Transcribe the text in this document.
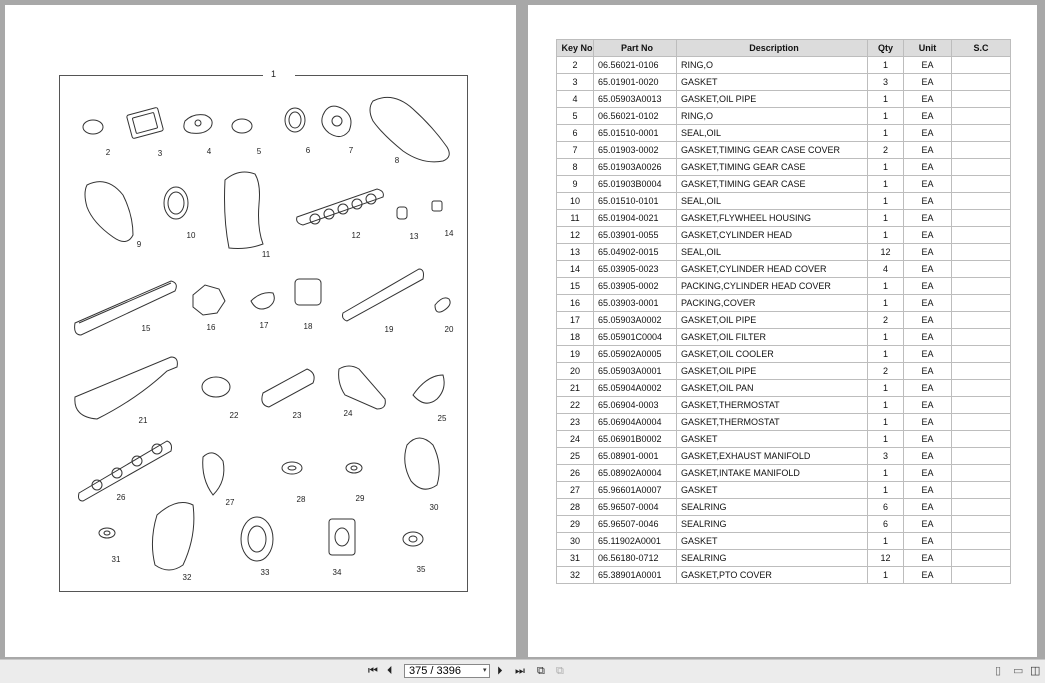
1
2	3	4	5	6	7
8
9
10
11
12	13	14
15	16	17	18	19	20
21
22	23	24
25
26
27	28	29
30
31
32
33	34	35
Key No	Part No	Description	Qty	Unit	S.C
2	06.56021-0106	RING,O	1	EA	
3	65.01901-0020	GASKET	3	EA	
4	65.05903A0013	GASKET,OIL PIPE	1	EA	
5	06.56021-0102	RING,O	1	EA	
6	65.01510-0001	SEAL,OIL	1	EA	
7	65.01903-0002	GASKET,TIMING GEAR CASE COVER	2	EA	
8	65.01903A0026	GASKET,TIMING GEAR CASE	1	EA	
9	65.01903B0004	GASKET,TIMING GEAR CASE	1	EA	
10	65.01510-0101	SEAL,OIL	1	EA	
11	65.01904-0021	GASKET,FLYWHEEL HOUSING	1	EA	
12	65.03901-0055	GASKET,CYLINDER HEAD	1	EA	
13	65.04902-0015	SEAL,OIL	12	EA	
14	65.03905-0023	GASKET,CYLINDER HEAD COVER	4	EA	
15	65.03905-0002	PACKING,CYLINDER HEAD COVER	1	EA	
16	65.03903-0001	PACKING,COVER	1	EA	
17	65.05903A0002	GASKET,OIL PIPE	2	EA	
18	65.05901C0004	GASKET,OIL FILTER	1	EA	
19	65.05902A0005	GASKET,OIL COOLER	1	EA	
20	65.05903A0001	GASKET,OIL PIPE	2	EA	
21	65.05904A0002	GASKET,OIL PAN	1	EA	
22	65.06904-0003	GASKET,THERMOSTAT	1	EA	
23	65.06904A0004	GASKET,THERMOSTAT	1	EA	
24	65.06901B0002	GASKET	1	EA	
25	65.08901-0001	GASKET,EXHAUST MANIFOLD	3	EA	
26	65.08902A0004	GASKET,INTAKE MANIFOLD	1	EA	
27	65.96601A0007	GASKET	1	EA	
28	65.96507-0004	SEALRING	6	EA	
29	65.96507-0046	SEALRING	6	EA	
30	65.11902A0001	GASKET	1	EA	
31	06.56180-0712	SEALRING	12	EA	
32	65.38901A0001	GASKET,PTO COVER	1	EA	
⏮ ⏴
375 / 3396	▾ ⏵ ⏭ ⧉ ⧉	▯ ▭ ◫
